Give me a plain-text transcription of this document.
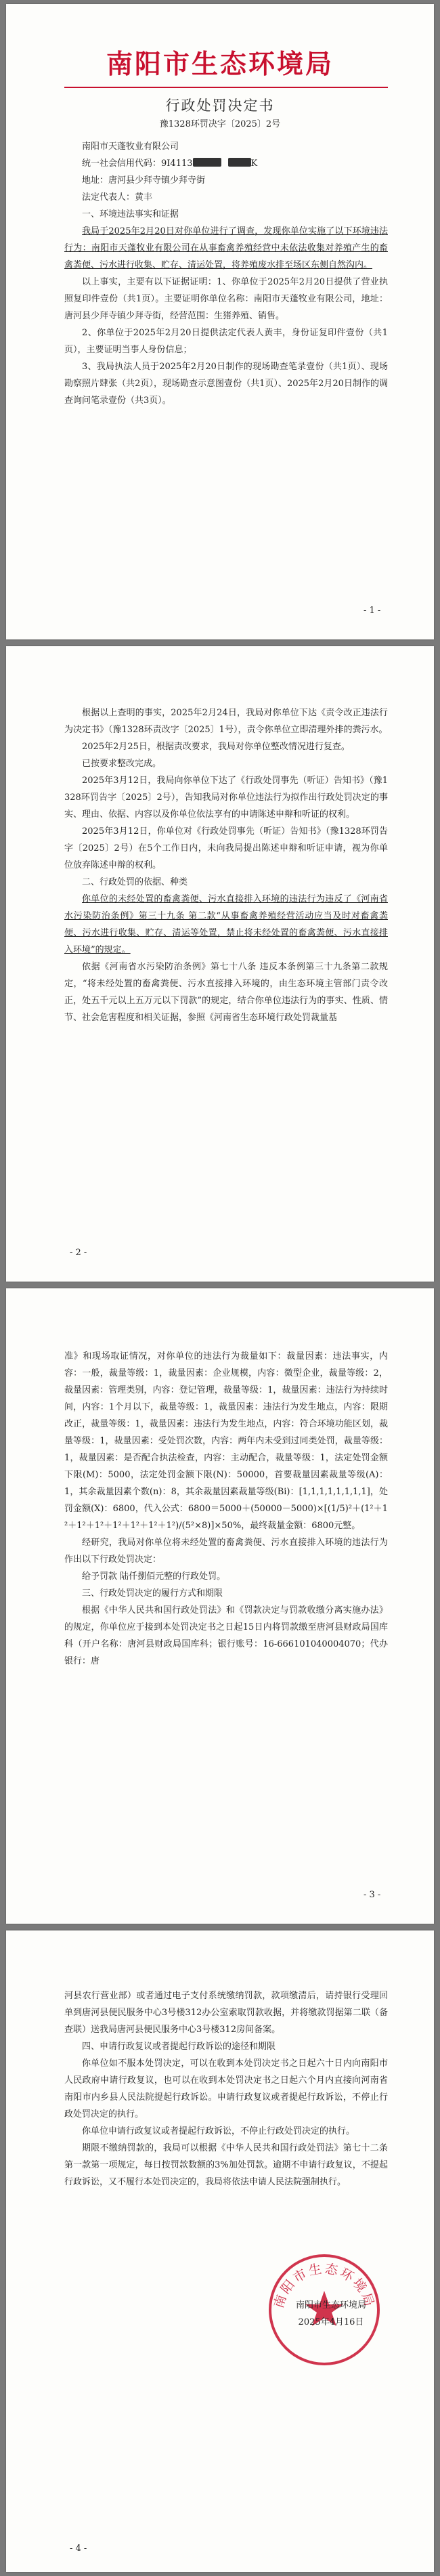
南阳市生态环境局
行政处罚决定书
豫1328环罚决字〔2025〕2号

南阳市天蓬牧业有限公司

统一社会信用代码：9I4113	K

地址：唐河县少拜寺镇少拜寺街

法定代表人：黄丰

一、环境违法事实和证据

我局于2025年2月20日对你单位进行了调查，发现你单位实施了以下环境违法行为：南阳市天蓬牧业有限公司在从事畜禽养殖经营中未依法收集对养殖产生的畜禽粪便、污水进行收集、贮存、清运处置，将养殖废水排至场区东侧自然沟内。

以上事实，主要有以下证据证明：1、你单位于2025年2月20日提供了营业执照复印件壹份（共1页）。主要证明你单位名称：南阳市天蓬牧业有限公司，地址：唐河县少拜寺镇少拜寺街，经营范围：生猪养殖、销售。

2、你单位于2025年2月20日提供法定代表人黄丰，身份证复印件壹份（共1页），主要证明当事人身份信息；

3、我局执法人员于2025年2月20日制作的现场勘查笔录壹份（共1页）、现场勘察照片肆张（共2页），现场勘查示意图壹份（共1页）、2025年2月20日制作的调查询问笔录壹份（共3页）。

- 1 -

根据以上查明的事实，2025年2月24日，我局对你单位下达《责令改正违法行为决定书》（豫1328环责改字〔2025〕1号），责令你单位立即清理外排的粪污水。

2025年2月25日，根据责改要求，我局对你单位整改情况进行复查。

已按要求整改完成。

2025年3月12日，我局向你单位下达了《行政处罚事先（听证）告知书》（豫1328环罚告字〔2025〕2号），告知我局对你单位违法行为拟作出行政处罚决定的事实、理由、依据、内容以及你单位依法享有的申请陈述申辩和听证的权利。

2025年3月12日，你单位对《行政处罚事先（听证）告知书》（豫1328环罚告字〔2025〕2号）在5个工作日内，未向我局提出陈述申辩和听证申请，视为你单位放弃陈述申辩的权利。

二、行政处罚的依据、种类

你单位的未经处置的畜禽粪便、污水直接排入环境的违法行为违反了《河南省水污染防治条例》第三十九条 第二款“从事畜禽养殖经营活动应当及时对畜禽粪便、污水进行收集、贮存、清运等处置，禁止将未经处置的畜禽粪便、污水直接排入环境”的规定。

依据《河南省水污染防治条例》第七十八条 违反本条例第三十九条第二款规定，“将未经处置的畜禽粪便、污水直接排入环境的，由生态环境主管部门责令改正，处五千元以上五万元以下罚款”的规定，结合你单位违法行为的事实、性质、情节、社会危害程度和相关证据，参照《河南省生态环境行政处罚裁量基

- 2 -

准》和现场取证情况，对你单位的违法行为裁量如下：裁量因素：违法事实，内容：一般，裁量等级：1，裁量因素：企业规模，内容：微型企业，裁量等级：2，裁量因素：管理类别，内容：登记管理，裁量等级：1，裁量因素：违法行为持续时间，内容：1个月以下，裁量等级：1，裁量因素：违法行为发生地点，内容：限期改正，裁量等级：1，裁量因素：违法行为发生地点，内容：符合环境功能区划，裁量等级：1，裁量因素：受处罚次数，内容：两年内未受到过同类处罚，裁量等级：1，裁量因素：是否配合执法检查，内容：主动配合，裁量等级：1，法定处罚金额下限(M)：5000，法定处罚金额下限(N)：50000，首要裁量因素裁量等级(A)：1，其余裁量因素个数(n)：8，其余裁量因素裁量等级(Bi)：[1,1,1,1,1,1,1,1]，处罚金额(X)：6800，代入公式：6800＝5000＋(50000－5000)×[(1/5)²＋(1²＋1²＋1²＋1²＋1²＋1²＋1²＋1²)/(5²×8)]×50%，最终裁量金额：6800元整。

经研究，我局对你单位将未经处置的畜禽粪便、污水直接排入环境的违法行为作出以下行政处罚决定：

给予罚款 陆仟捌佰元整的行政处罚。

三、行政处罚决定的履行方式和期限

根据《中华人民共和国行政处罚法》和《罚款决定与罚款收缴分离实施办法》的规定，你单位应于接到本处罚决定书之日起15日内将罚款缴至唐河县财政局国库科（开户名称：唐河县财政局国库科；银行账号：16-666101040004070；代办银行：唐

- 3 -

河县农行营业部）或者通过电子支付系统缴纳罚款，款项缴清后，请持银行受理回单到唐河县便民服务中心3号楼312办公室索取罚款收据，并将缴款罚据第二联（备查联）送我局唐河县便民服务中心3号楼312房间备案。

四、申请行政复议或者提起行政诉讼的途径和期限

你单位如不服本处罚决定，可以在收到本处罚决定书之日起六十日内向南阳市人民政府申请行政复议，也可以在收到本处罚决定书之日起六个月内直接向河南省南阳市内乡县人民法院提起行政诉讼。申请行政复议或者提起行政诉讼，不停止行政处罚决定的执行。

你单位申请行政复议或者提起行政诉讼，不停止行政处罚决定的执行。

期限不缴纳罚款的，我局可以根据《中华人民共和国行政处罚法》第七十二条第一款第一项规定，每日按罚款数额的3%加处罚款。逾期不申请行政复议，不提起行政诉讼，又不履行本处罚决定的，我局将依法申请人民法院强制执行。

南阳市生态环境局
南阳市生态环境局
2025年4月16日
- 4 -
